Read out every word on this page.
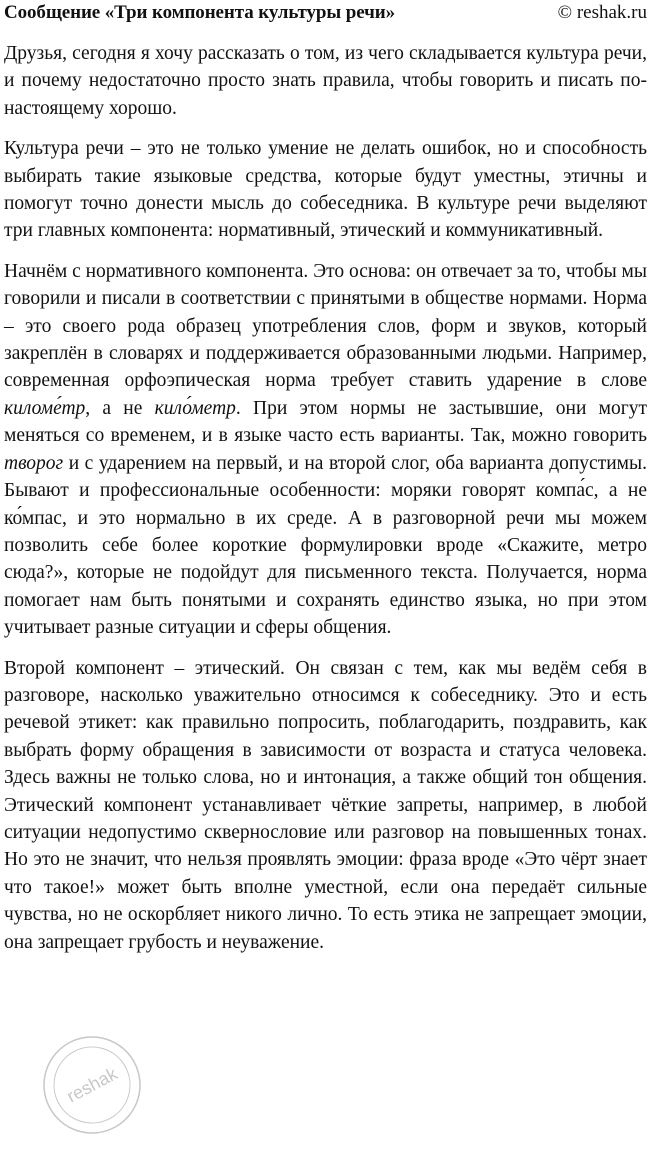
Сообщение «Три компонента культуры речи»	© reshak.ru

Друзья, сегодня я хочу рассказать о том, из чего складывается культура речи, и почему недостаточно просто знать правила, чтобы говорить и писать по-настоящему хорошо.

Культура речи – это не только умение не делать ошибок, но и способность выбирать такие языковые средства, которые будут уместны, этичны и помогут точно донести мысль до собеседника. В культуре речи выделяют три главных компонента: нормативный, этический и коммуникативный.

Начнём с нормативного компонента. Это основа: он отвечает за то, чтобы мы говорили и писали в соответствии с принятыми в обществе нормами. Норма – это своего рода образец употребления слов, форм и звуков, который закреплён в словарях и поддерживается образованными людьми. Например, современная орфоэпическая норма требует ставить ударение в слове киломе́тр, а не кило́метр. При этом нормы не застывшие, они могут меняться со временем, и в языке часто есть варианты. Так, можно говорить творог и с ударением на первый, и на второй слог, оба варианта допустимы. Бывают и профессиональные особенности: моряки говорят компа́с, а не ко́мпас, и это нормально в их среде. А в разговорной речи мы можем позволить себе более короткие формулировки вроде «Скажите, метро сюда?», которые не подойдут для письменного текста. Получается, норма помогает нам быть понятыми и сохранять единство языка, но при этом учитывает разные ситуации и сферы общения.

Второй компонент – этический. Он связан с тем, как мы ведём себя в разговоре, насколько уважительно относимся к собеседнику. Это и есть речевой этикет: как правильно попросить, поблагодарить, поздравить, как выбрать форму обращения в зависимости от возраста и статуса человека. Здесь важны не только слова, но и интонация, а также общий тон общения. Этический компонент устанавливает чёткие запреты, например, в любой ситуации недопустимо сквернословие или разговор на повышенных тонах. Но это не значит, что нельзя проявлять эмоции: фраза вроде «Это чёрт знает что такое!» может быть вполне уместной, если она передаёт сильные чувства, но не оскорбляет никого лично. То есть этика не запрещает эмоции, она запрещает грубость и неуважение.

reshak
